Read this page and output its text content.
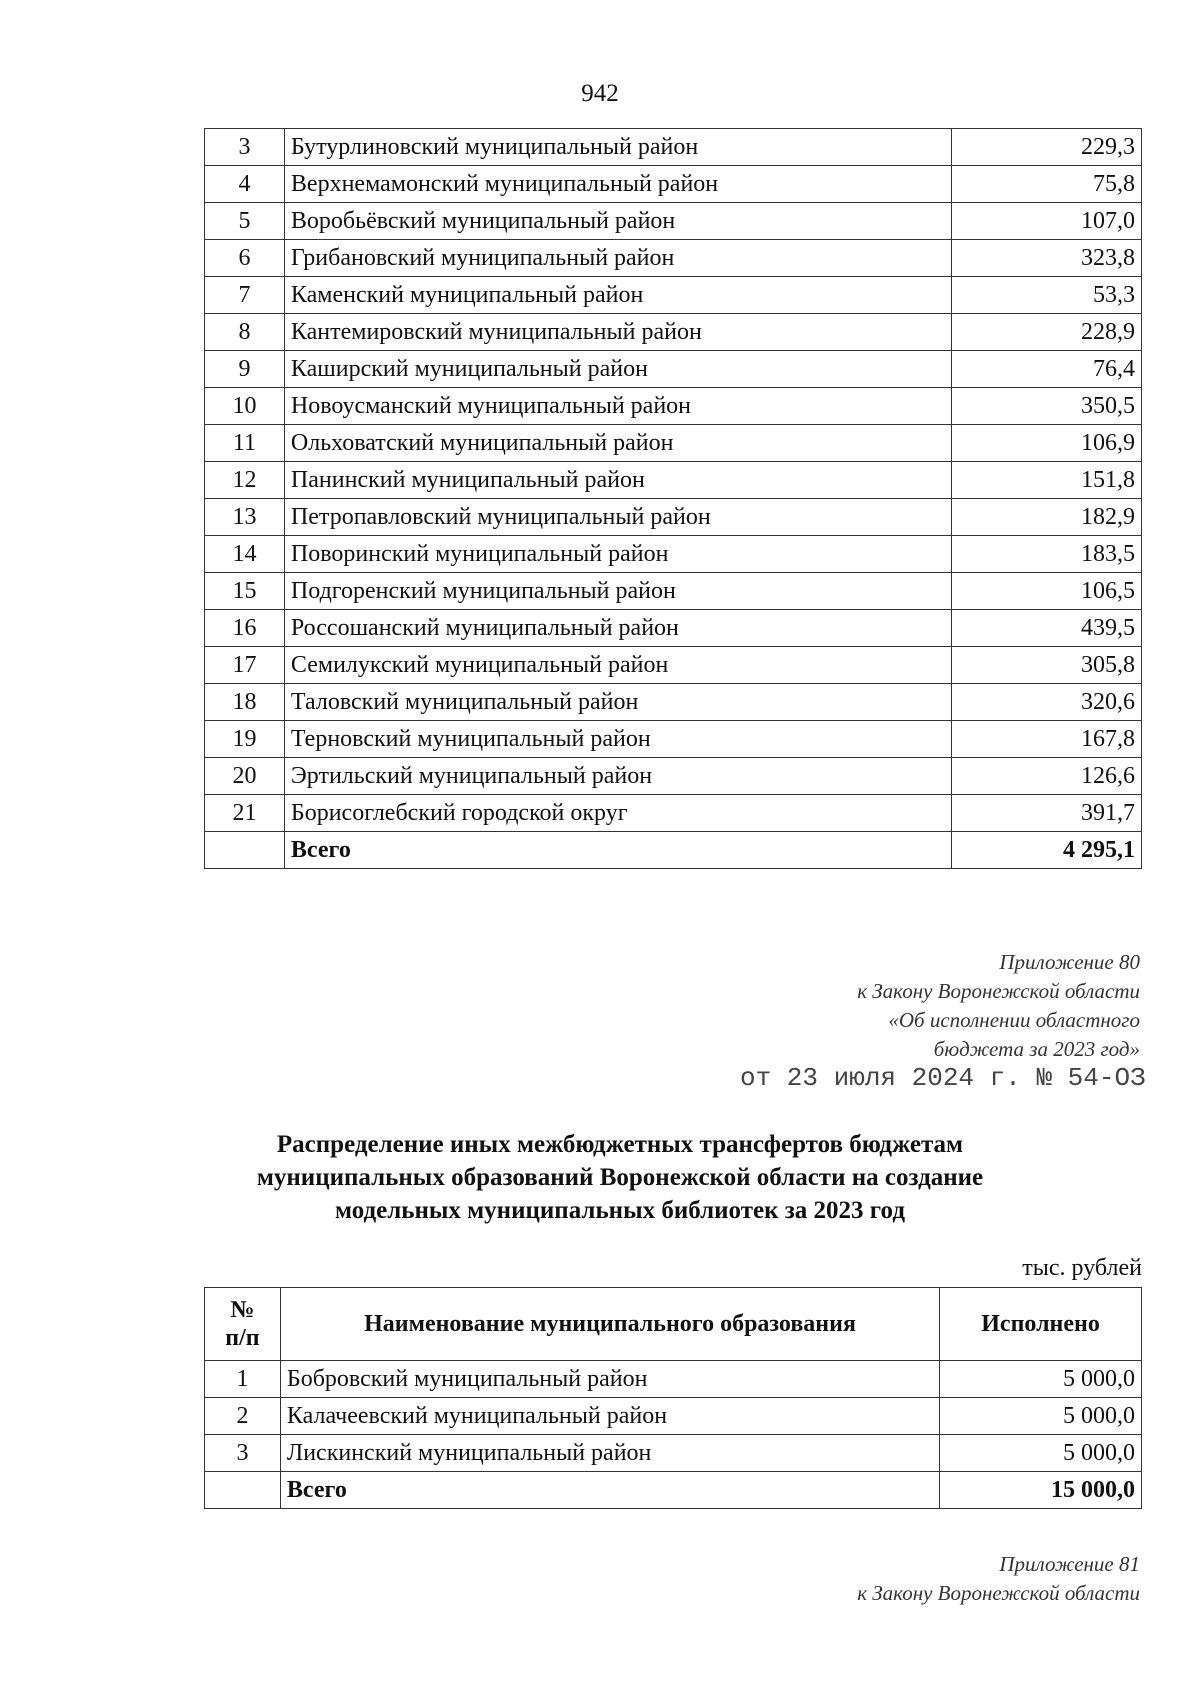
942
3	Бутурлиновский муниципальный район	229,3
4	Верхнемамонский муниципальный район	75,8
5	Воробьёвский муниципальный район	107,0
6	Грибановский муниципальный район	323,8
7	Каменский муниципальный район	53,3
8	Кантемировский муниципальный район	228,9
9	Каширский муниципальный район	76,4
10	Новоусманский муниципальный район	350,5
11	Ольховатский муниципальный район	106,9
12	Панинский муниципальный район	151,8
13	Петропавловский муниципальный район	182,9
14	Поворинский муниципальный район	183,5
15	Подгоренский муниципальный район	106,5
16	Россошанский муниципальный район	439,5
17	Семилукский муниципальный район	305,8
18	Таловский муниципальный район	320,6
19	Терновский муниципальный район	167,8
20	Эртильский муниципальный район	126,6
21	Борисоглебский городской округ	391,7
	Всего	4 295,1
Приложение 80
к Закону Воронежской области
«Об исполнении областного
бюджета за 2023 год»
от 23 июля 2024 г. № 54-ОЗ
Распределение иных межбюджетных трансфертов бюджетам
муниципальных образований Воронежской области на создание
модельных муниципальных библиотек за 2023 год
тыс. рублей
№
п/п	Наименование муниципального образования	Исполнено
1	Бобровский муниципальный район	5 000,0
2	Калачеевский муниципальный район	5 000,0
3	Лискинский муниципальный район	5 000,0
	Всего	15 000,0
Приложение 81
к Закону Воронежской области
